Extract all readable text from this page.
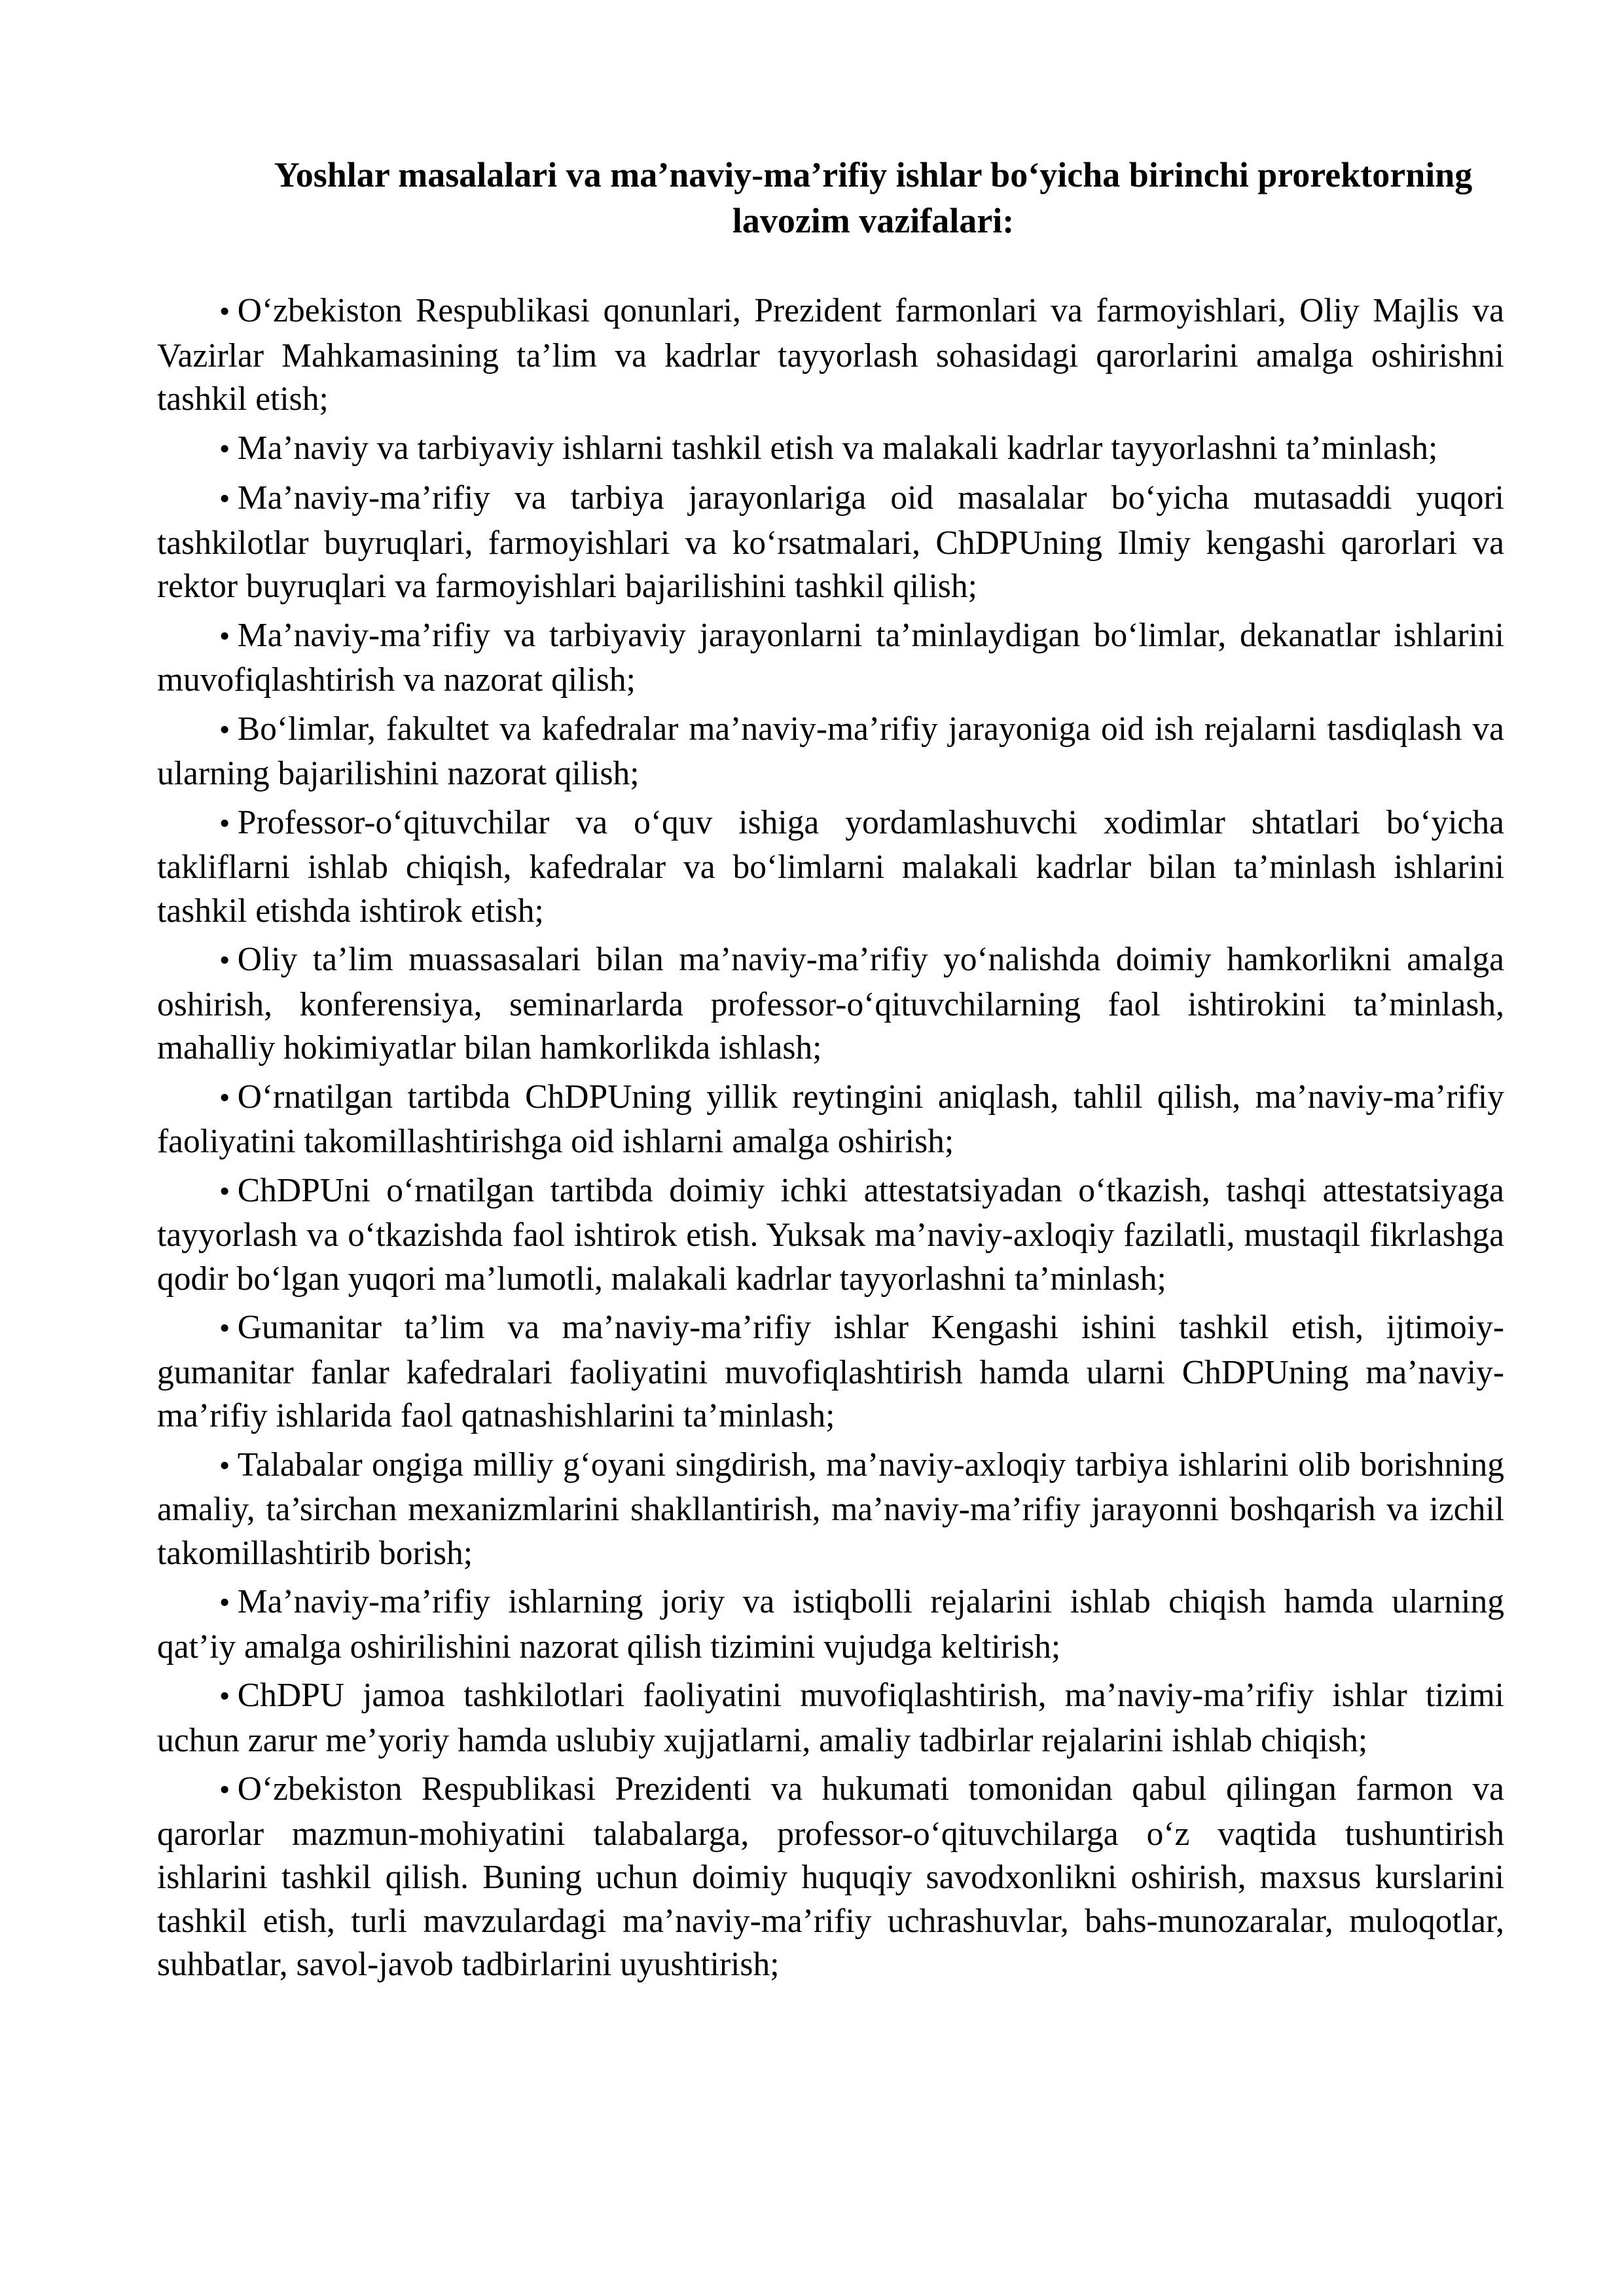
Yoshlar masalalari va ma’naviy-ma’rifiy ishlar bo‘yicha birinchi prorektorning lavozim vazifalari:
• O‘zbekiston Respublikasi qonunlari, Prezident farmonlari va farmoyishlari, Oliy Majlis va Vazirlar Mahkamasining ta’lim va kadrlar tayyorlash sohasidagi qarorlarini amalga oshirishni tashkil etish;
• Ma’naviy va tarbiyaviy ishlarni tashkil etish va malakali kadrlar tayyorlashni ta’minlash;
• Ma’naviy-ma’rifiy va tarbiya jarayonlariga oid masalalar bo‘yicha mutasaddi yuqori tashkilotlar buyruqlari, farmoyishlari va ko‘rsatmalari, ChDPUning Ilmiy kengashi qarorlari va rektor buyruqlari va farmoyishlari bajarilishini tashkil qilish;
• Ma’naviy-ma’rifiy va tarbiyaviy jarayonlarni ta’minlaydigan bo‘limlar, dekanatlar ishlarini muvofiqlashtirish va nazorat qilish;
• Bo‘limlar, fakultet va kafedralar ma’naviy-ma’rifiy jarayoniga oid ish rejalarni tasdiqlash va ularning bajarilishini nazorat qilish;
• Professor-o‘qituvchilar va o‘quv ishiga yordamlashuvchi xodimlar shtatlari bo‘yicha takliflarni ishlab chiqish, kafedralar va bo‘limlarni malakali kadrlar bilan ta’minlash ishlarini tashkil etishda ishtirok etish;
• Oliy ta’lim muassasalari bilan ma’naviy-ma’rifiy yo‘nalishda doimiy hamkorlikni amalga oshirish, konferensiya, seminarlarda professor-o‘qituvchilarning faol ishtirokini ta’minlash, mahalliy hokimiyatlar bilan hamkorlikda ishlash;
• O‘rnatilgan tartibda ChDPUning yillik reytingini aniqlash, tahlil qilish, ma’naviy-ma’rifiy faoliyatini takomillashtirishga oid ishlarni amalga oshirish;
• ChDPUni o‘rnatilgan tartibda doimiy ichki attestatsiyadan o‘tkazish, tashqi attestatsiyaga tayyorlash va o‘tkazishda faol ishtirok etish. Yuksak ma’naviy-axloqiy fazilatli, mustaqil fikrlashga qodir bo‘lgan yuqori ma’lumotli, malakali kadrlar tayyorlashni ta’minlash;
• Gumanitar ta’lim va ma’naviy-ma’rifiy ishlar Kengashi ishini tashkil etish, ijtimoiy-gumanitar fanlar kafedralari faoliyatini muvofiqlashtirish hamda ularni ChDPUning ma’naviy-ma’rifiy ishlarida faol qatnashishlarini ta’minlash;
• Talabalar ongiga milliy g‘oyani singdirish, ma’naviy-axloqiy tarbiya ishlarini olib borishning amaliy, ta’sirchan mexanizmlarini shakllantirish, ma’naviy-ma’rifiy jarayonni boshqarish va izchil takomillashtirib borish;
• Ma’naviy-ma’rifiy ishlarning joriy va istiqbolli rejalarini ishlab chiqish hamda ularning qat’iy amalga oshirilishini nazorat qilish tizimini vujudga keltirish;
• ChDPU jamoa tashkilotlari faoliyatini muvofiqlashtirish, ma’naviy-ma’rifiy ishlar tizimi uchun zarur me’yoriy hamda uslubiy xujjatlarni, amaliy tadbirlar rejalarini ishlab chiqish;
• O‘zbekiston Respublikasi Prezidenti va hukumati tomonidan qabul qilingan farmon va qarorlar mazmun-mohiyatini talabalarga, professor-o‘qituvchilarga o‘z vaqtida tushuntirish ishlarini tashkil qilish. Buning uchun doimiy huquqiy savodxonlikni oshirish, maxsus kurslarini tashkil etish, turli mavzulardagi ma’naviy-ma’rifiy uchrashuvlar, bahs-munozaralar, muloqotlar, suhbatlar, savol-javob tadbirlarini uyushtirish;
